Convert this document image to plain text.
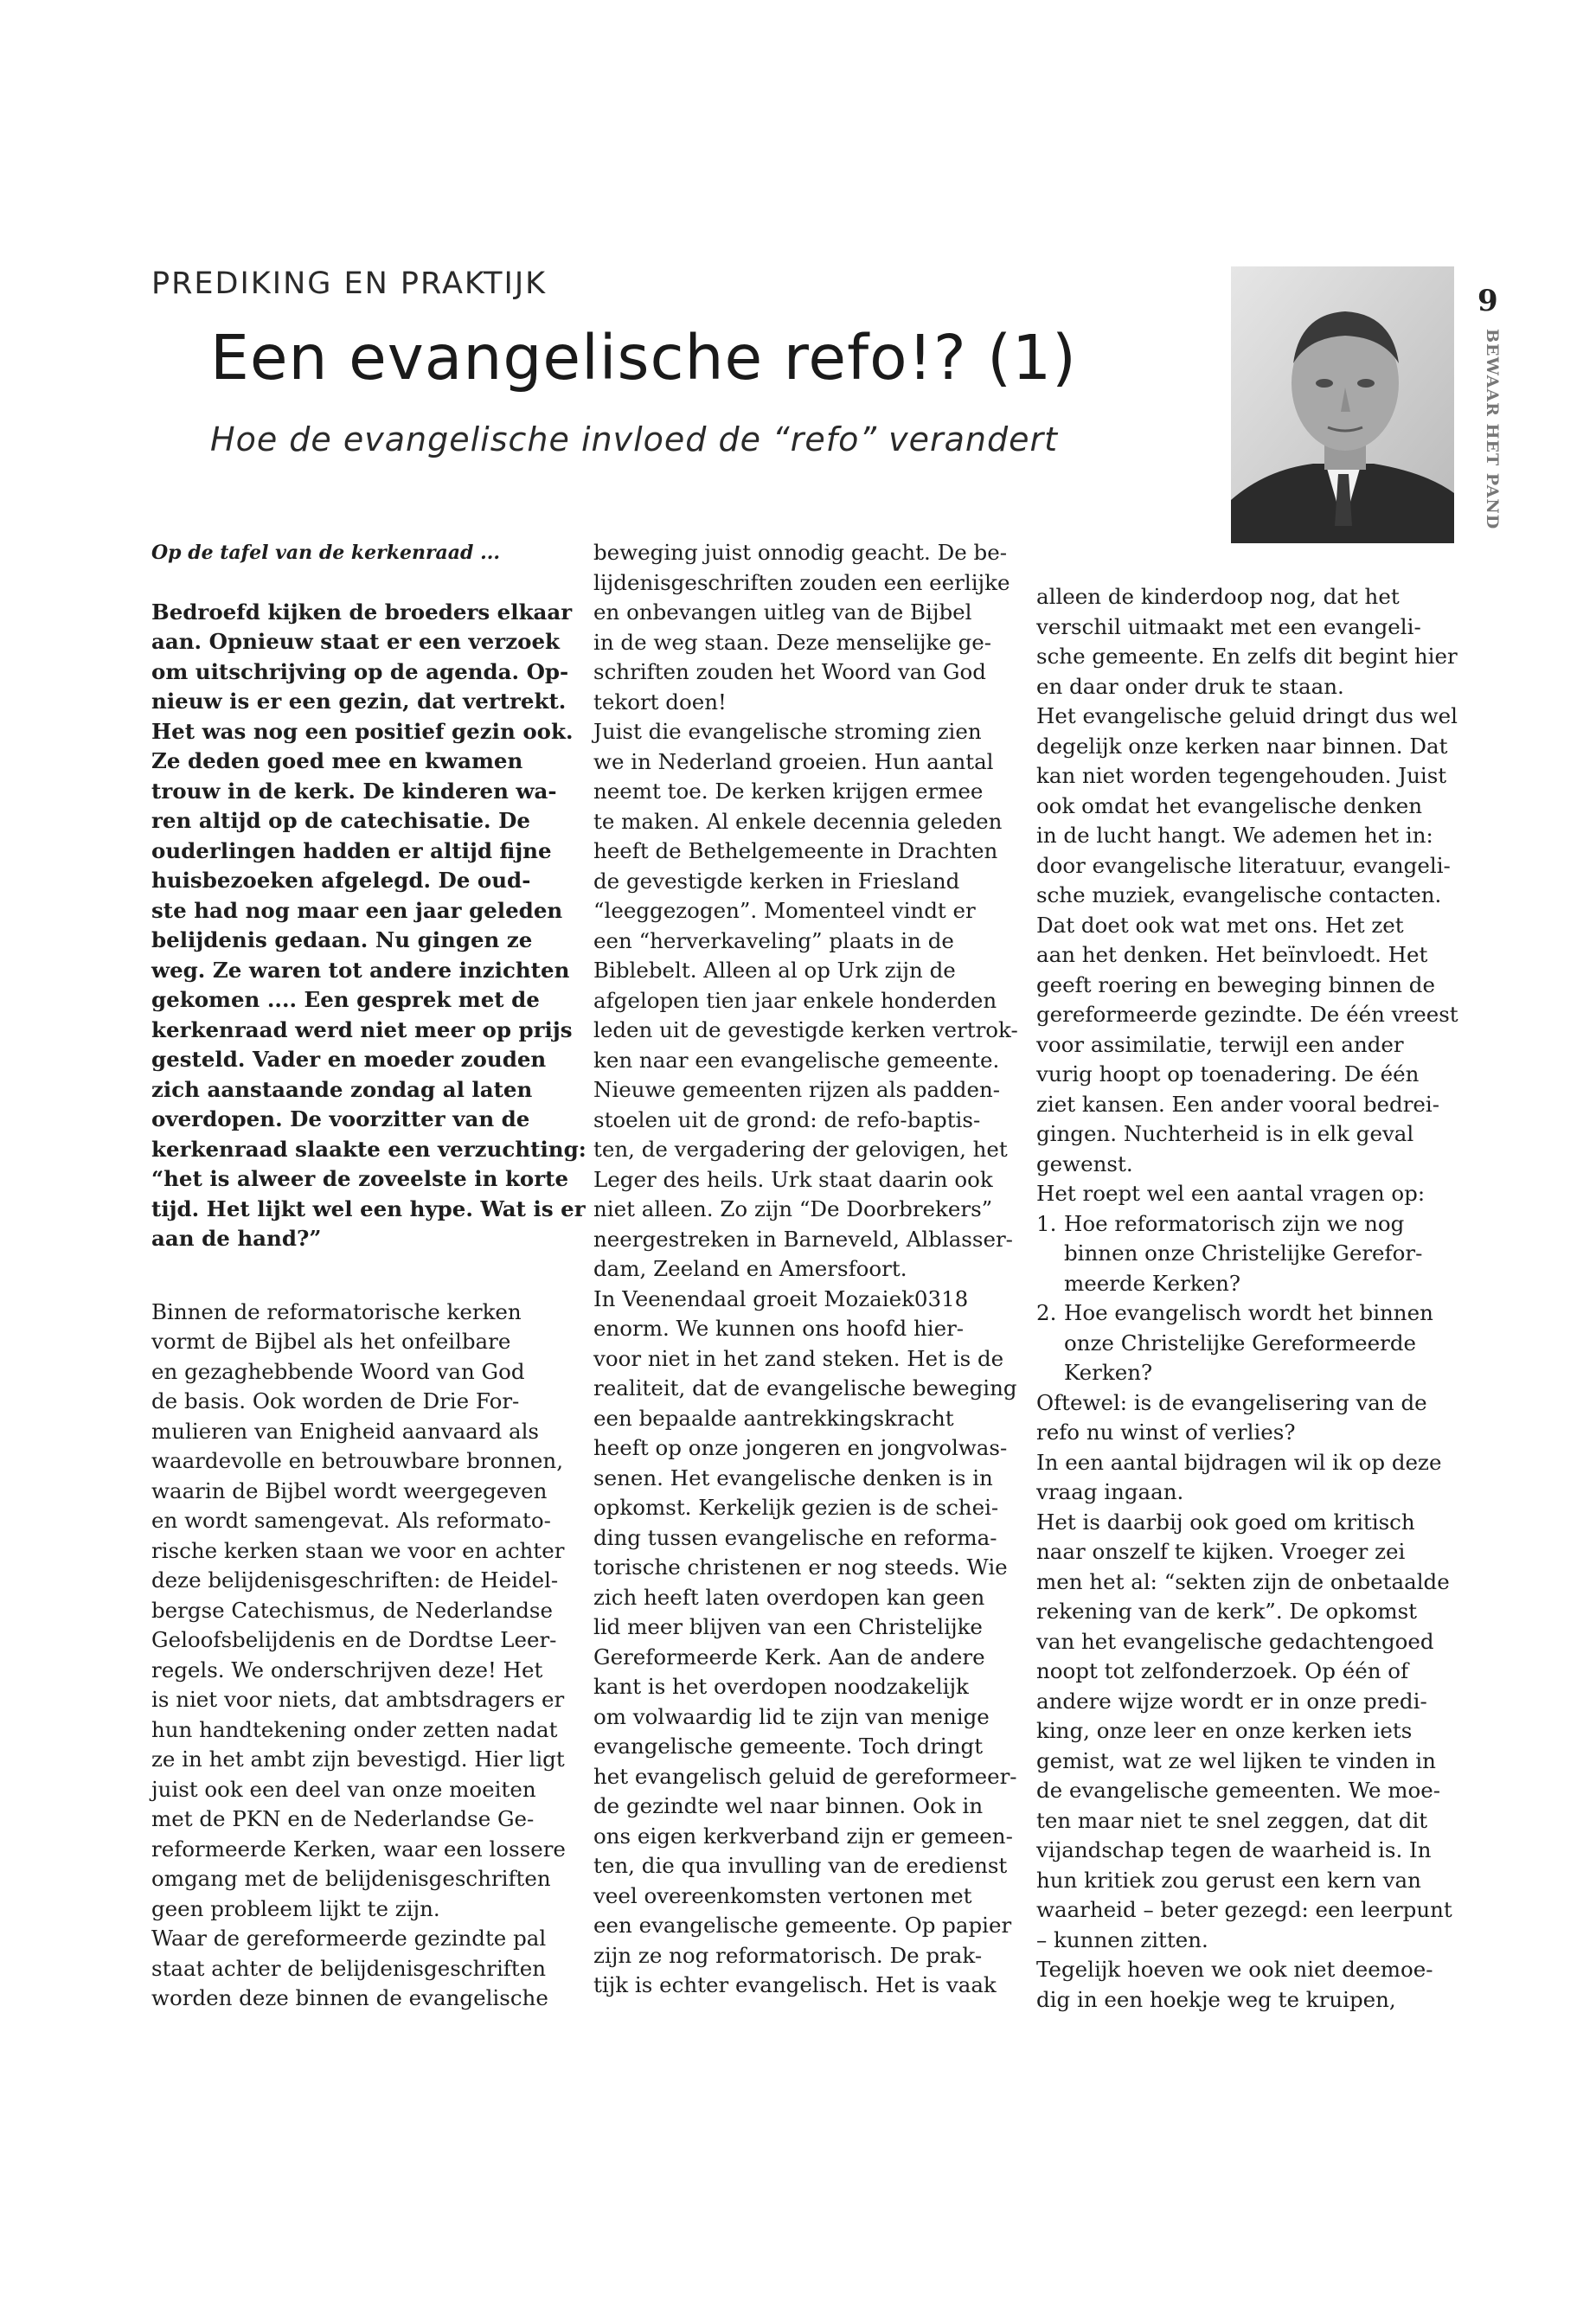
PREDIKING EN PRAKTIJK
Een evangelische refo!? (1)
Hoe de evangelische invloed de “refo” verandert
9
BEWAAR HET PAND

Op de tafel van de kerkenraad ...

Bedroefd kijken de broeders elkaar

aan. Opnieuw staat er een verzoek

om uitschrijving op de agenda. Op-

nieuw is er een gezin, dat vertrekt.

Het was nog een positief gezin ook.

Ze deden goed mee en kwamen

trouw in de kerk. De kinderen wa-

ren altijd op de catechisatie. De

ouderlingen hadden er altijd fijne

huisbezoeken afgelegd. De oud-

ste had nog maar een jaar geleden

belijdenis gedaan. Nu gingen ze

weg. Ze waren tot andere inzichten

gekomen .... Een gesprek met de

kerkenraad werd niet meer op prijs

gesteld. Vader en moeder zouden

zich aanstaande zondag al laten

overdopen. De voorzitter van de

kerkenraad slaakte een verzuchting:

“het is alweer de zoveelste in korte

tijd. Het lijkt wel een hype. Wat is er

aan de hand?”

Binnen de reformatorische kerken

vormt de Bijbel als het onfeilbare

en gezaghebbende Woord van God

de basis. Ook worden de Drie For-

mulieren van Enigheid aanvaard als

waardevolle en betrouwbare bronnen,

waarin de Bijbel wordt weergegeven

en wordt samengevat. Als reformato-

rische kerken staan we voor en achter

deze belijdenisgeschriften: de Heidel-

bergse Catechismus, de Nederlandse

Geloofsbelijdenis en de Dordtse Leer-

regels. We onderschrijven deze! Het

is niet voor niets, dat ambtsdragers er

hun handtekening onder zetten nadat

ze in het ambt zijn bevestigd. Hier ligt

juist ook een deel van onze moeiten

met de PKN en de Nederlandse Ge-

reformeerde Kerken, waar een lossere

omgang met de belijdenisgeschriften

geen probleem lijkt te zijn.

Waar de gereformeerde gezindte pal

staat achter de belijdenisgeschriften

worden deze binnen de evangelische

beweging juist onnodig geacht. De be-

lijdenisgeschriften zouden een eerlijke

en onbevangen uitleg van de Bijbel

in de weg staan. Deze menselijke ge-

schriften zouden het Woord van God

tekort doen!

Juist die evangelische stroming zien

we in Nederland groeien. Hun aantal

neemt toe. De kerken krijgen ermee

te maken. Al enkele decennia geleden

heeft de Bethelgemeente in Drachten

de gevestigde kerken in Friesland

“leeggezogen”. Momenteel vindt er

een “herverkaveling” plaats in de

Biblebelt. Alleen al op Urk zijn de

afgelopen tien jaar enkele honderden

leden uit de gevestigde kerken vertrok-

ken naar een evangelische gemeente.

Nieuwe gemeenten rijzen als padden-

stoelen uit de grond: de refo-baptis-

ten, de vergadering der gelovigen, het

Leger des heils. Urk staat daarin ook

niet alleen. Zo zijn “De Doorbrekers”

neergestreken in Barneveld, Alblasser-

dam, Zeeland en Amersfoort.

In Veenendaal groeit Mozaiek0318

enorm. We kunnen ons hoofd hier-

voor niet in het zand steken. Het is de

realiteit, dat de evangelische beweging

een bepaalde aantrekkingskracht

heeft op onze jongeren en jongvolwas-

senen. Het evangelische denken is in

opkomst. Kerkelijk gezien is de schei-

ding tussen evangelische en reforma-

torische christenen er nog steeds. Wie

zich heeft laten overdopen kan geen

lid meer blijven van een Christelijke

Gereformeerde Kerk. Aan de andere

kant is het overdopen noodzakelijk

om volwaardig lid te zijn van menige

evangelische gemeente. Toch dringt

het evangelisch geluid de gereformeer-

de gezindte wel naar binnen. Ook in

ons eigen kerkverband zijn er gemeen-

ten, die qua invulling van de eredienst

veel overeenkomsten vertonen met

een evangelische gemeente. Op papier

zijn ze nog reformatorisch. De prak-

tijk is echter evangelisch. Het is vaak

alleen de kinderdoop nog, dat het

verschil uitmaakt met een evangeli-

sche gemeente. En zelfs dit begint hier

en daar onder druk te staan.

Het evangelische geluid dringt dus wel

degelijk onze kerken naar binnen. Dat

kan niet worden tegengehouden. Juist

ook omdat het evangelische denken

in de lucht hangt. We ademen het in:

door evangelische literatuur, evangeli-

sche muziek, evangelische contacten.

Dat doet ook wat met ons. Het zet

aan het denken. Het beïnvloedt. Het

geeft roering en beweging binnen de

gereformeerde gezindte. De één vreest

voor assimilatie, terwijl een ander

vurig hoopt op toenadering. De één

ziet kansen. Een ander vooral bedrei-

gingen. Nuchterheid is in elk geval

gewenst.

Het roept wel een aantal vragen op:

1. Hoe reformatorisch zijn we nog

binnen onze Christelijke Gerefor-

meerde Kerken?

2. Hoe evangelisch wordt het binnen

onze Christelijke Gereformeerde

Kerken?

Oftewel: is de evangelisering van de

refo nu winst of verlies?

In een aantal bijdragen wil ik op deze

vraag ingaan.

Het is daarbij ook goed om kritisch

naar onszelf te kijken. Vroeger zei

men het al: “sekten zijn de onbetaalde

rekening van de kerk”. De opkomst

van het evangelische gedachtengoed

noopt tot zelfonderzoek. Op één of

andere wijze wordt er in onze predi-

king, onze leer en onze kerken iets

gemist, wat ze wel lijken te vinden in

de evangelische gemeenten. We moe-

ten maar niet te snel zeggen, dat dit

vijandschap tegen de waarheid is. In

hun kritiek zou gerust een kern van

waarheid – beter gezegd: een leerpunt

– kunnen zitten.

Tegelijk hoeven we ook niet deemoe-

dig in een hoekje weg te kruipen,
